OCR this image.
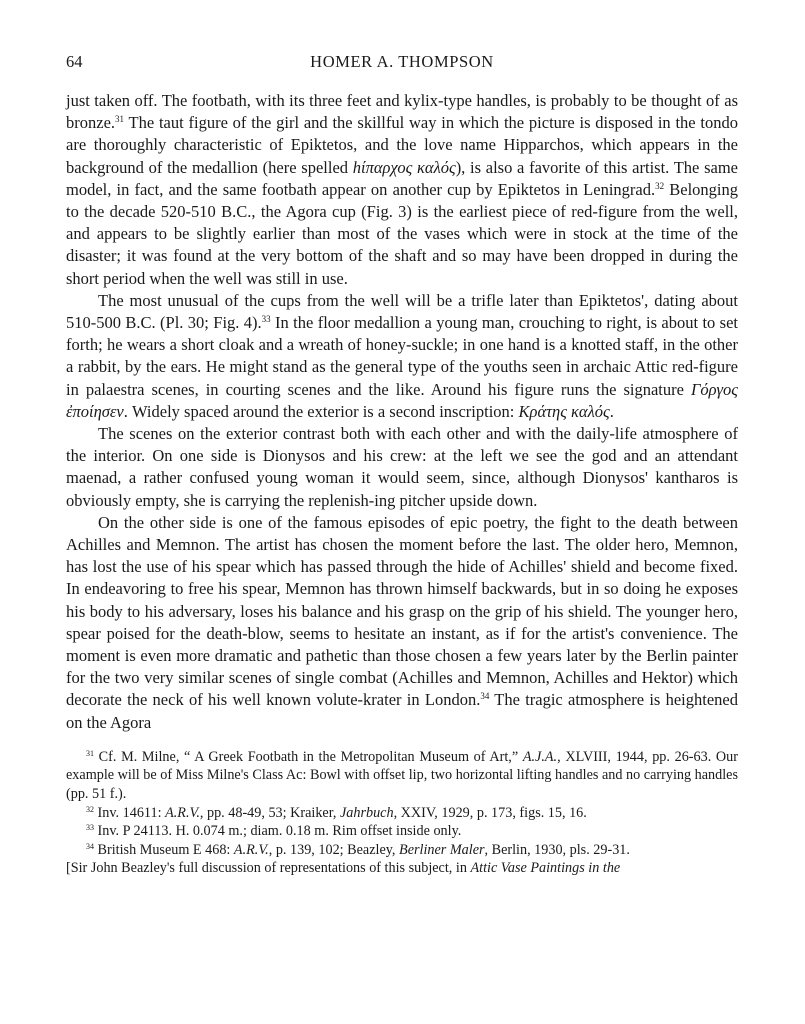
64	HOMER A. THOMPSON

just taken off. The footbath, with its three feet and kylix-type handles, is probably to be thought of as bronze.$^{31}$ The taut figure of the girl and the skillful way in which the picture is disposed in the tondo are thoroughly characteristic of Epiktetos, and the love name Hipparchos, which appears in the background of the medallion (here spelled hίπαρχος καλός), is also a favorite of this artist. The same model, in fact, and the same footbath appear on another cup by Epiktetos in Leningrad.$^{32}$ Belonging to the decade 520-510 B.C., the Agora cup (Fig. 3) is the earliest piece of red-figure from the well, and appears to be slightly earlier than most of the vases which were in stock at the time of the disaster; it was found at the very bottom of the shaft and so may have been dropped in during the short period when the well was still in use.

The most unusual of the cups from the well will be a trifle later than Epiktetos', dating about 510-500 B.C. (Pl. 30; Fig. 4).$^{33}$ In the floor medallion a young man, crouching to right, is about to set forth; he wears a short cloak and a wreath of honey-suckle; in one hand is a knotted staff, in the other a rabbit, by the ears. He might stand as the general type of the youths seen in archaic Attic red-figure in palaestra scenes, in courting scenes and the like. Around his figure runs the signature Γόργος ἐποίησεν. Widely spaced around the exterior is a second inscription: Κράτης καλός.

The scenes on the exterior contrast both with each other and with the daily-life atmosphere of the interior. On one side is Dionysos and his crew: at the left we see the god and an attendant maenad, a rather confused young woman it would seem, since, although Dionysos' kantharos is obviously empty, she is carrying the replenish-ing pitcher upside down.

On the other side is one of the famous episodes of epic poetry, the fight to the death between Achilles and Memnon. The artist has chosen the moment before the last. The older hero, Memnon, has lost the use of his spear which has passed through the hide of Achilles' shield and become fixed. In endeavoring to free his spear, Memnon has thrown himself backwards, but in so doing he exposes his body to his adversary, loses his balance and his grasp on the grip of his shield. The younger hero, spear poised for the death-blow, seems to hesitate an instant, as if for the artist's convenience. The moment is even more dramatic and pathetic than those chosen a few years later by the Berlin painter for the two very similar scenes of single combat (Achilles and Memnon, Achilles and Hektor) which decorate the neck of his well known volute-krater in London.$^{34}$ The tragic atmosphere is heightened on the Agora

$^{31}$ Cf. M. Milne, “ A Greek Footbath in the Metropolitan Museum of Art,” A.J.A., XLVIII, 1944, pp. 26-63. Our example will be of Miss Milne's Class Ac: Bowl with offset lip, two horizontal lifting handles and no carrying handles (pp. 51 f.).

$^{32}$ Inv. 14611: A.R.V., pp. 48-49, 53; Kraiker, Jahrbuch, XXIV, 1929, p. 173, figs. 15, 16.

$^{33}$ Inv. P 24113. H. 0.074 m.; diam. 0.18 m. Rim offset inside only.

$^{34}$ British Museum E 468: A.R.V., p. 139, 102; Beazley, Berliner Maler, Berlin, 1930, pls. 29-31.

[Sir John Beazley's full discussion of representations of this subject, in Attic Vase Paintings in the
